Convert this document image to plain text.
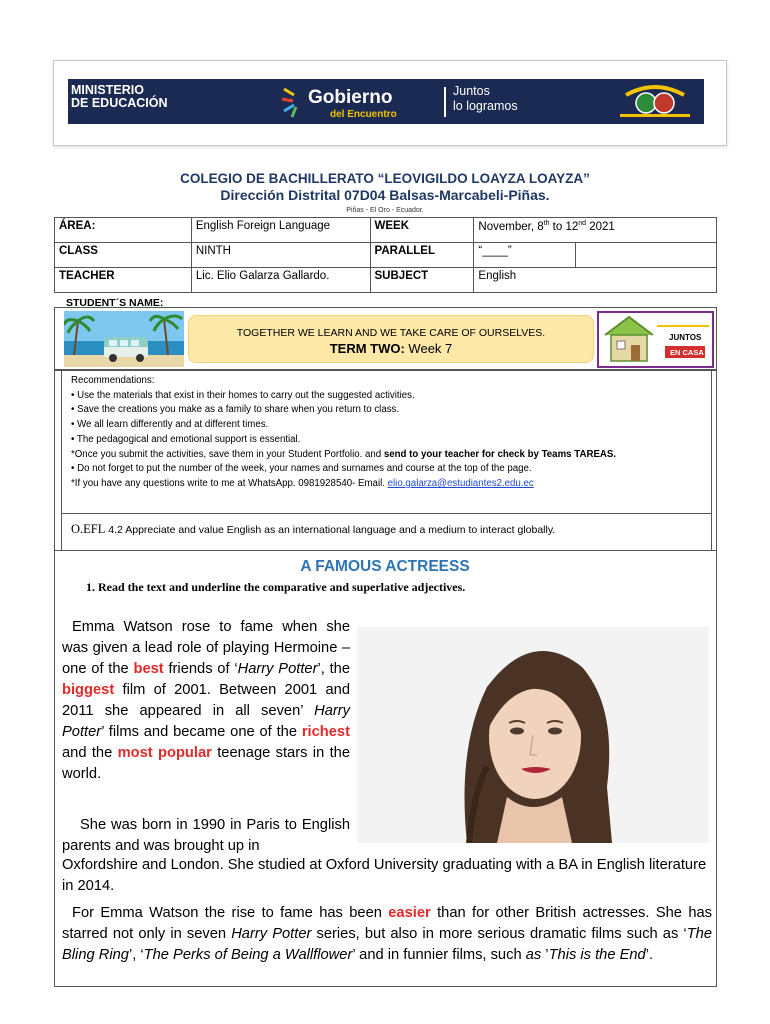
MINISTERIO
DE EDUCACIÓN	Gobierno
del Encuentro
Juntos
lo logramos
COLEGIO DE BACHILLERATO “LEOVIGILDO LOAYZA LOAYZA”
Dirección Distrital 07D04 Balsas-Marcabeli-Piñas.
Piñas - El Oro - Ecuador.
ÁREA:	English Foreign Language	WEEK	November, 8th to 12nd 2021	
CLASS	NINTH	PARALLEL	“____”	
TEACHER	Lic. Elio Galarza Gallardo.	SUBJECT	English	
STUDENT´S NAME: _________________________________
TOGETHER WE LEARN AND WE TAKE CARE OF OURSELVES.
TERM TWO: Week 7
JUNTOS
EN CASA

Recommendations:

• Use the materials that exist in their homes to carry out the suggested activities.

• Save the creations you make as a family to share when you return to class.

• We all learn differently and at different times.

• The pedagogical and emotional support is essential.

*Once you submit the activities, save them in your Student Portfolio. and send to your teacher for check by Teams TAREAS.

• Do not forget to put the number of the week, your names and surnames and course at the top of the page.

*If you have any questions write to me at WhatsApp. 0981928540- Email. elio.galarza@estudiantes2.edu.ec

O.EFL 4.2 Appreciate and value English as an international language and a medium to interact globally.
A FAMOUS ACTREESS
1. Read the text and underline the comparative and superlative adjectives.
Emma Watson rose to fame when she was given a lead role of playing Hermoine – one of the best friends of ‘Harry Potter’, the biggest film of 2001. Between 2001 and 2011 she appeared in all seven’ Harry Potter’ films and became one of the richest and the most popular teenage stars in the world.
She was born in 1990 in Paris to English parents and was brought up in
Oxfordshire and London. She studied at Oxford University graduating with a BA in English literature in 2014.
For Emma Watson the rise to fame has been easier than for other British actresses. She has starred not only in seven Harry Potter series, but also in more serious dramatic films such as ‘The Bling Ring’, ‘The Perks of Being a Wallflower’ and in funnier films, such as ’This is the End’.
